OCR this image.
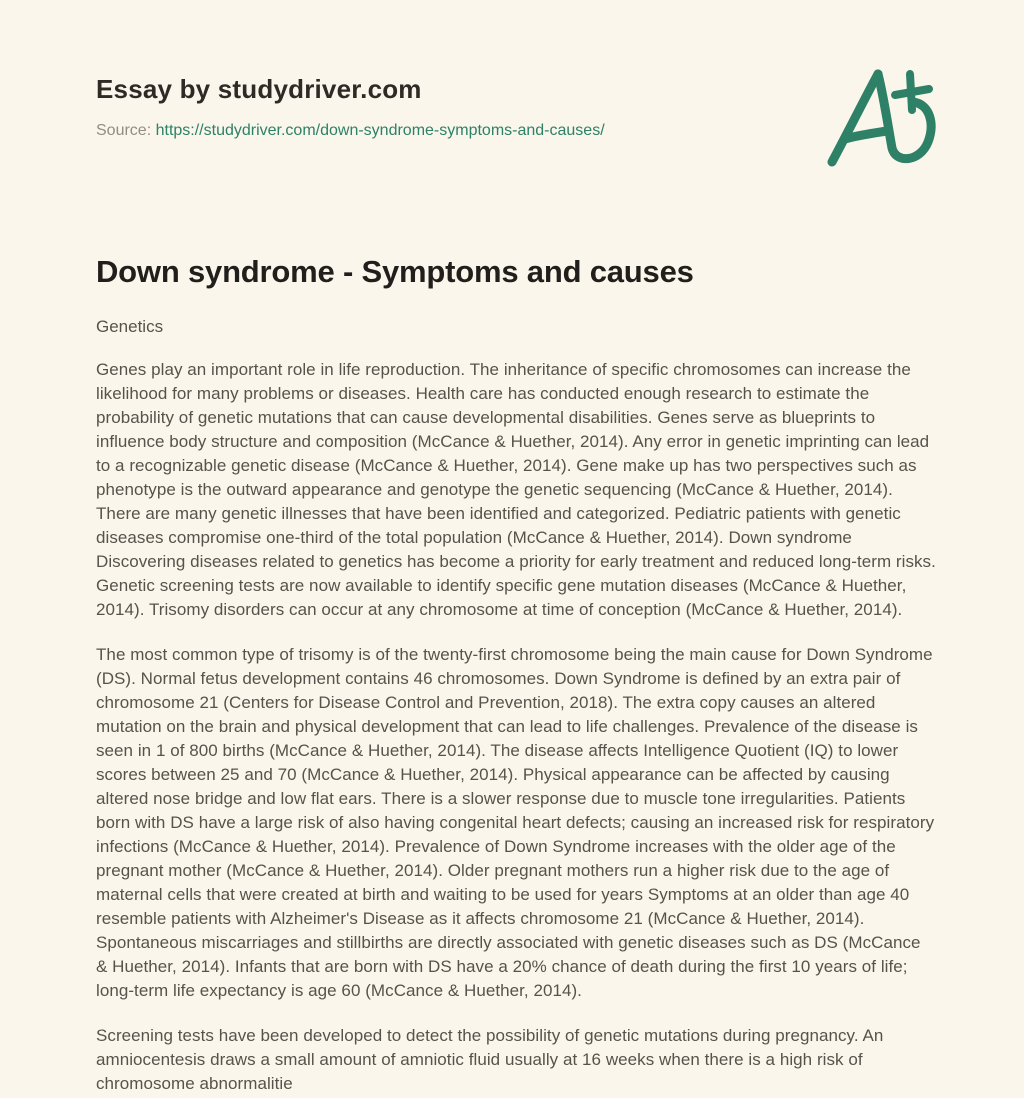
Essay by studydriver.com
Source: https://studydriver.com/down-syndrome-symptoms-and-causes/
Down syndrome - Symptoms and causes
Genetics

Genes play an important role in life reproduction. The inheritance of specific chromosomes can increase the likelihood for many problems or diseases. Health care has conducted enough research to estimate the probability of genetic mutations that can cause developmental disabilities. Genes serve as blueprints to influence body structure and composition (McCance & Huether, 2014). Any error in genetic imprinting can lead to a recognizable genetic disease (McCance & Huether, 2014). Gene make up has two perspectives such as phenotype is the outward appearance and genotype the genetic sequencing (McCance & Huether, 2014). There are many genetic illnesses that have been identified and categorized. Pediatric patients with genetic diseases compromise one-third of the total population (McCance & Huether, 2014). Down syndrome Discovering diseases related to genetics has become a priority for early treatment and reduced long-term risks. Genetic screening tests are now available to identify specific gene mutation diseases (McCance & Huether, 2014). Trisomy disorders can occur at any chromosome at time of conception (McCance & Huether, 2014).

The most common type of trisomy is of the twenty-first chromosome being the main cause for Down Syndrome (DS). Normal fetus development contains 46 chromosomes. Down Syndrome is defined by an extra pair of chromosome 21 (Centers for Disease Control and Prevention, 2018). The extra copy causes an altered mutation on the brain and physical development that can lead to life challenges. Prevalence of the disease is seen in 1 of 800 births (McCance & Huether, 2014). The disease affects Intelligence Quotient (IQ) to lower scores between 25 and 70 (McCance & Huether, 2014). Physical appearance can be affected by causing altered nose bridge and low flat ears. There is a slower response due to muscle tone irregularities. Patients born with DS have a large risk of also having congenital heart defects; causing an increased risk for respiratory infections (McCance & Huether, 2014). Prevalence of Down Syndrome increases with the older age of the pregnant mother (McCance & Huether, 2014). Older pregnant mothers run a higher risk due to the age of maternal cells that were created at birth and waiting to be used for years Symptoms at an older than age 40 resemble patients with Alzheimer's Disease as it affects chromosome 21 (McCance & Huether, 2014). Spontaneous miscarriages and stillbirths are directly associated with genetic diseases such as DS (McCance & Huether, 2014). Infants that are born with DS have a 20% chance of death during the first 10 years of life; long-term life expectancy is age 60 (McCance & Huether, 2014).

Screening tests have been developed to detect the possibility of genetic mutations during pregnancy. An amniocentesis draws a small amount of amniotic fluid usually at 16 weeks when there is a high risk of chromosome abnormalitie
